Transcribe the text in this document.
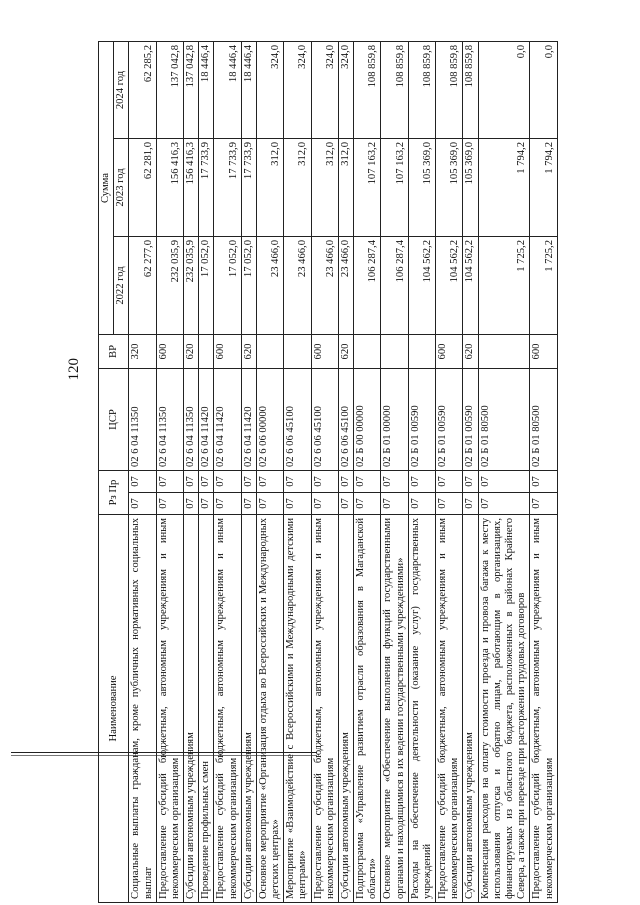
120
Наименование	Рз Пр		ЦСР	ВР	Сумма		
					2022 год	2023 год	2024 год
Социальные выплаты гражданам, кроме публичных нормативных социальных выплат	07	07	02 6 04 11350	320	62 277,0	62 281,0	62 285,2
Предоставление субсидий бюджетным, автономным учреждениям и иным некоммерческим организациям	07	07	02 6 04 11350	600	232 035,9	156 416,3	137 042,8
Субсидии автономным учреждениям	07	07	02 6 04 11350	620	232 035,9	156 416,3	137 042,8
Проведение профильных смен	07	07	02 6 04 11420		17 052,0	17 733,9	18 446,4
Предоставление субсидий бюджетным, автономным учреждениям и иным некоммерческим организациям	07	07	02 6 04 11420	600	17 052,0	17 733,9	18 446,4
Субсидии автономным учреждениям	07	07	02 6 04 11420	620	17 052,0	17 733,9	18 446,4
Основное мероприятие «Организация отдыха во Всероссийских и Международных детских центрах»	07	07	02 6 06 00000		23 466,0	312,0	324,0
Мероприятие «Взаимодействие с Всероссийскими и Международными детскими центрами»	07	07	02 6 06 45100		23 466,0	312,0	324,0
Предоставление субсидий бюджетным, автономным учреждениям и иным некоммерческим организациям	07	07	02 6 06 45100	600	23 466,0	312,0	324,0
Субсидии автономным учреждениям	07	07	02 6 06 45100	620	23 466,0	312,0	324,0
Подпрограмма «Управление развитием отрасли образования в Магаданской области»	07	07	02 Б 00 00000		106 287,4	107 163,2	108 859,8
Основное мероприятие «Обеспечение выполнения функций государственными органами и находящимися в их ведении государственными учреждениями»	07	07	02 Б 01 00000		106 287,4	107 163,2	108 859,8
Расходы на обеспечение деятельности (оказание услуг) государственных учреждений	07	07	02 Б 01 00590		104 562,2	105 369,0	108 859,8
Предоставление субсидий бюджетным, автономным учреждениям и иным некоммерческим организациям	07	07	02 Б 01 00590	600	104 562,2	105 369,0	108 859,8
Субсидии автономным учреждениям	07	07	02 Б 01 00590	620	104 562,2	105 369,0	108 859,8
Компенсация расходов на оплату стоимости проезда и провоза багажа к месту использования отпуска и обратно лицам, работающим в организациях, финансируемых из областного бюджета, расположенных в районах Крайнего Севера, а также при переезде при расторжении трудовых договоров	07	07	02 Б 01 80500		1 725,2	1 794,2	0,0
Предоставление субсидий бюджетным, автономным учреждениям и иным некоммерческим организациям	07	07	02 Б 01 80500	600	1 725,2	1 794,2	0,0
